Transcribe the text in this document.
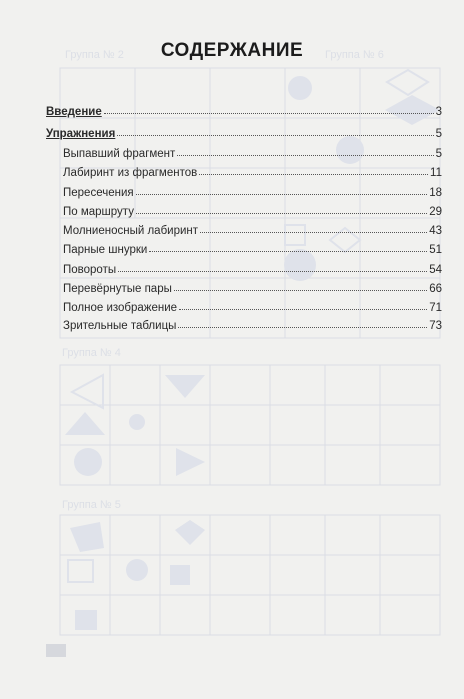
Группа № 2	Группа № 6
Группа № 4
Группа № 5
СОДЕРЖАНИЕ
Введение	3
Упражнения	5
Выпавший фрагмент	5
Лабиринт из фрагментов	11
Пересечения	18
По маршруту	29
Молниеносный лабиринт	43
Парные шнурки	51
Повороты	54
Перевёрнутые пары	66
Полное изображение	71
Зрительные таблицы	73
